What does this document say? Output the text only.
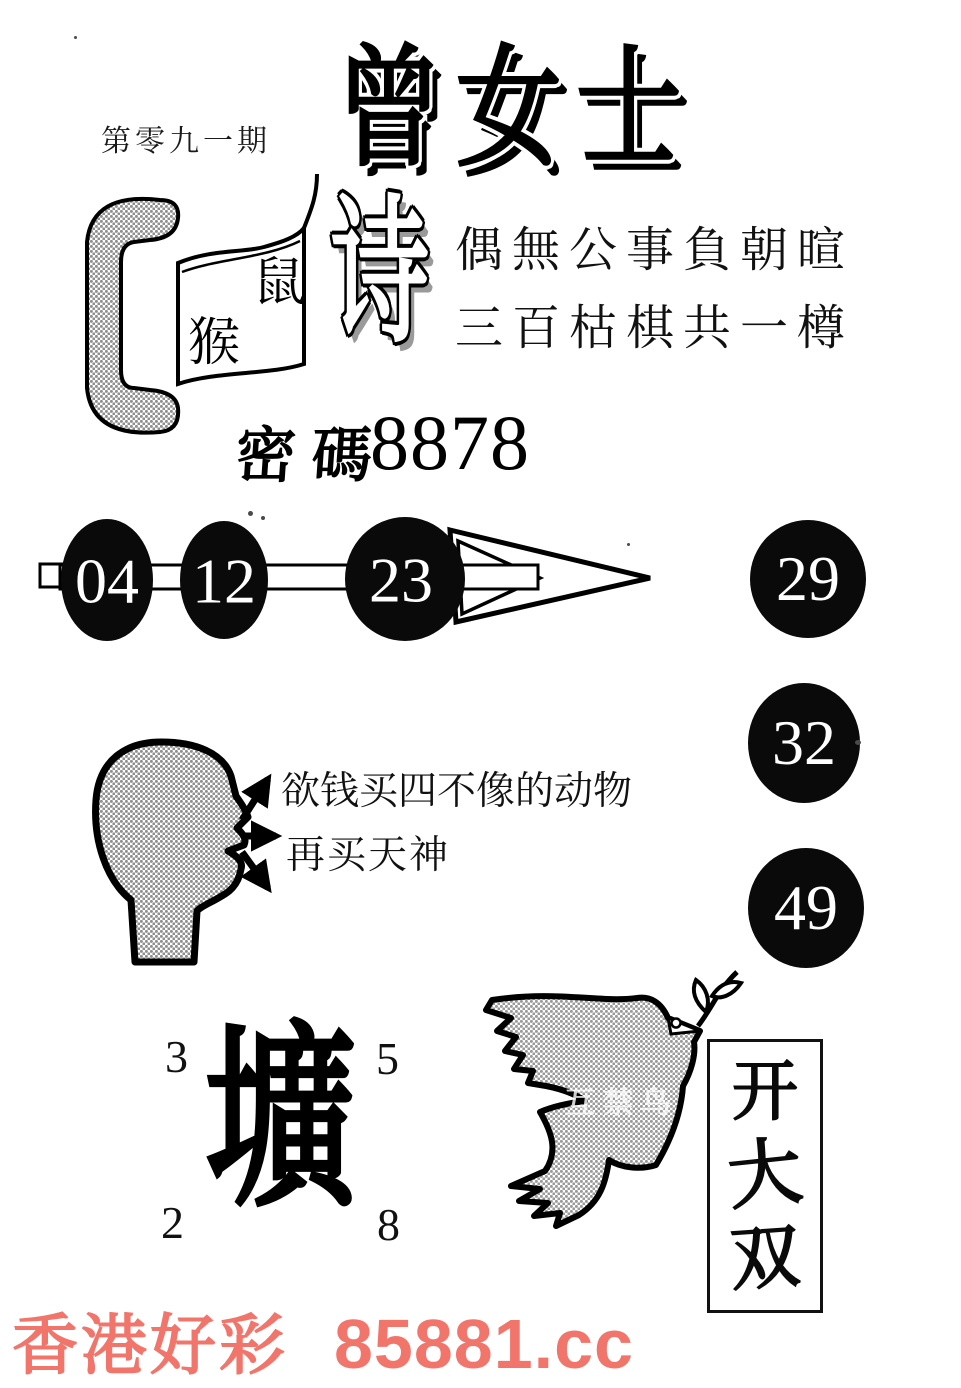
第零九一期 曾女士
鼠
猴 诗 偶無公事負朝暄
三百枯棋共一樽
密碼
8878
04 12 23	29
32
49
欲钱买四不像的动物
再买天神
3	5
2	8
壙	互禁鸟 开
大
双
香港好彩 85881.cc
